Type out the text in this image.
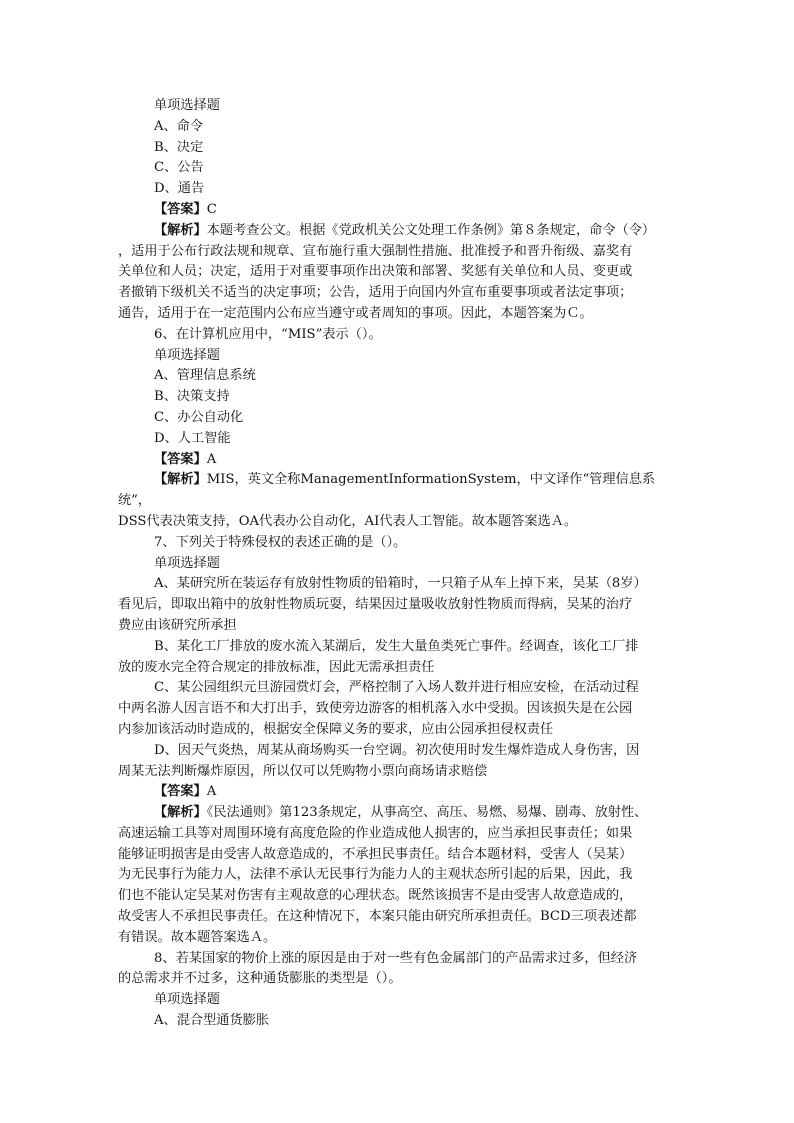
单项选择题

A、命令

B、决定

C、公告

D、通告

【答案】C

【解析】本题考查公文。根据《党政机关公文处理工作条例》第８条规定，命令（令）
，适用于公布行政法规和规章、宣布施行重大强制性措施、批准授予和晋升衔级、嘉奖有
关单位和人员；决定，适用于对重要事项作出决策和部署、奖惩有关单位和人员、变更或
者撤销下级机关不适当的决定事项；公告，适用于向国内外宣布重要事项或者法定事项；
通告，适用于在一定范围内公布应当遵守或者周知的事项。因此，本题答案为Ｃ。

6、在计算机应用中，“MIS”表示（）。

单项选择题

A、管理信息系统

B、决策支持

C、办公自动化

D、人工智能

【答案】A

【解析】MIS，英文全称ManagementInformationSystem，中文译作“管理信息系统”，
DSS代表决策支持，OA代表办公自动化，AI代表人工智能。故本题答案选Ａ。

7、下列关于特殊侵权的表述正确的是（）。

单项选择题

A、某研究所在装运存有放射性物质的铅箱时，一只箱子从车上掉下来，吴某（8岁）
看见后，即取出箱中的放射性物质玩耍，结果因过量吸收放射性物质而得病，吴某的治疗
费应由该研究所承担

B、某化工厂排放的废水流入某湖后，发生大量鱼类死亡事件。经调查，该化工厂排
放的废水完全符合规定的排放标准，因此无需承担责任

C、某公园组织元旦游园赏灯会，严格控制了入场人数并进行相应安检，在活动过程
中两名游人因言语不和大打出手，致使旁边游客的相机落入水中受损。因该损失是在公园
内参加该活动时造成的，根据安全保障义务的要求，应由公园承担侵权责任

D、因天气炎热，周某从商场购买一台空调。初次使用时发生爆炸造成人身伤害，因
周某无法判断爆炸原因，所以仅可以凭购物小票向商场请求赔偿

【答案】A

【解析】《民法通则》第123条规定，从事高空、高压、易燃、易爆、剧毒、放射性、
高速运输工具等对周围环境有高度危险的作业造成他人损害的，应当承担民事责任；如果
能够证明损害是由受害人故意造成的，不承担民事责任。结合本题材料，受害人（吴某）
为无民事行为能力人，法律不承认无民事行为能力人的主观状态所引起的后果，因此，我
们也不能认定吴某对伤害有主观故意的心理状态。既然该损害不是由受害人故意造成的，
故受害人不承担民事责任。在这种情况下，本案只能由研究所承担责任。BCD三项表述都
有错误。故本题答案选Ａ。

8、若某国家的物价上涨的原因是由于对一些有色金属部门的产品需求过多，但经济
的总需求并不过多，这种通货膨胀的类型是（）。

单项选择题

A、混合型通货膨胀
